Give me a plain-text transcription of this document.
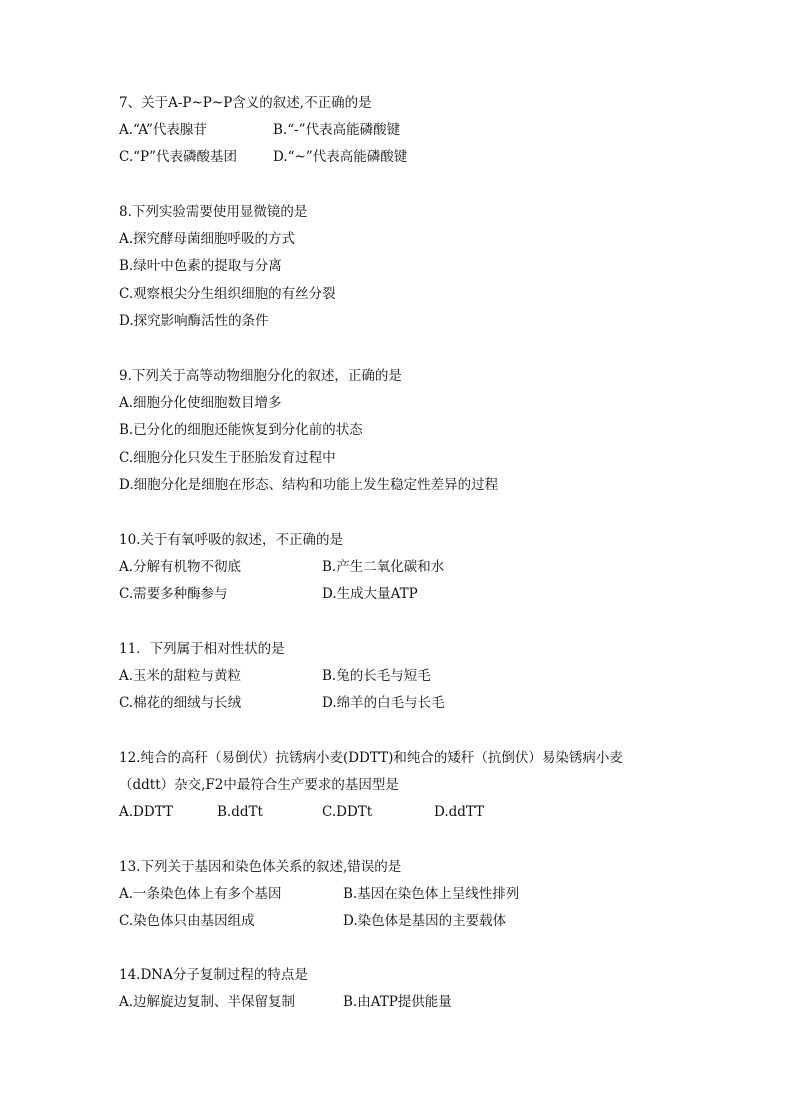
7、关于A-P~P~P含义的叙述,不正确的是
A.“A”代表腺苷	B.“-”代表高能磷酸键
C.“P”代表磷酸基团	D.“~”代表高能磷酸键
8.下列实验需要使用显微镜的是
A.探究酵母菌细胞呼吸的方式
B.绿叶中色素的提取与分离
C.观察根尖分生组织细胞的有丝分裂
D.探究影响酶活性的条件
9.下列关于高等动物细胞分化的叙述，正确的是
A.细胞分化使细胞数目增多
B.已分化的细胞还能恢复到分化前的状态
C.细胞分化只发生于胚胎发育过程中
D.细胞分化是细胞在形态、结构和功能上发生稳定性差异的过程
10.关于有氧呼吸的叙述，不正确的是
A.分解有机物不彻底	B.产生二氧化碳和水
C.需要多种酶参与	D.生成大量ATP
11．下列属于相对性状的是
A.玉米的甜粒与黄粒	B.兔的长毛与短毛
C.棉花的细绒与长绒	D.绵羊的白毛与长毛
12.纯合的高秆（易倒伏）抗锈病小麦(DDTT)和纯合的矮秆（抗倒伏）易染锈病小麦
（ddtt）杂交,F2中最符合生产要求的基因型是
A.DDTT	B.ddTt	C.DDTt	D.ddTT
13.下列关于基因和染色体关系的叙述,错误的是
A.一条染色体上有多个基因	B.基因在染色体上呈线性排列
C.染色体只由基因组成	D.染色体是基因的主要载体
14.DNA分子复制过程的特点是
A.边解旋边复制、半保留复制	B.由ATP提供能量
